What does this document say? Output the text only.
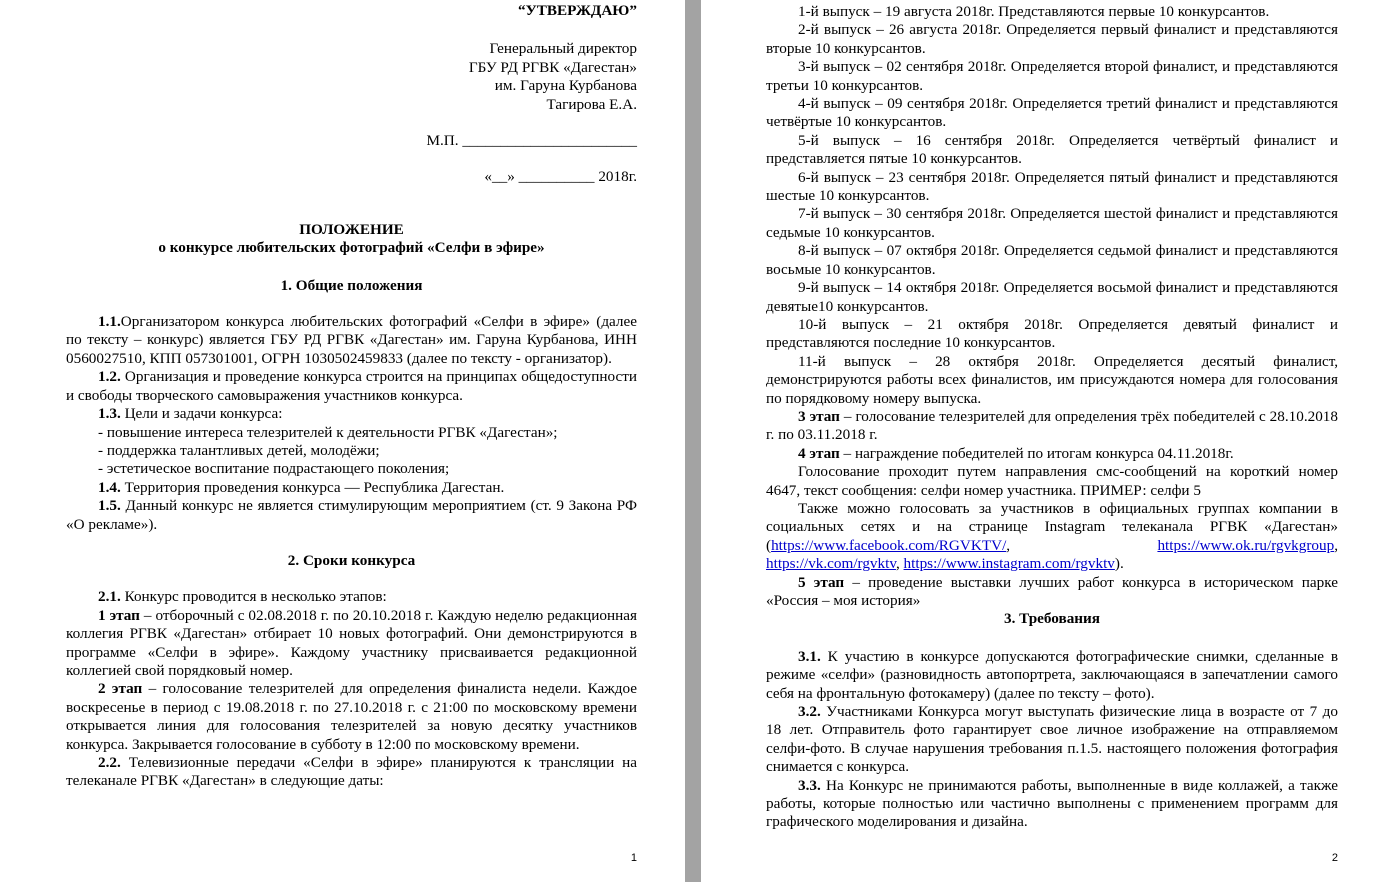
“УТВЕРЖДАЮ”
Генеральный директор
ГБУ РД РГВК «Дагестан»
им. Гаруна Курбанова
Тагирова Е.А.
М.П. _______________________
«__» __________ 2018г.
ПОЛОЖЕНИЕ
о конкурсе любительских фотографий «Селфи в эфире»
1. Общие положения
1.1.Организатором конкурса любительских фотографий «Селфи в эфире» (далее по тексту – конкурс) является ГБУ РД РГВК «Дагестан» им. Гаруна Курбанова, ИНН 0560027510, КПП 057301001, ОГРН 1030502459833 (далее по тексту - организатор).
1.2. Организация и проведение конкурса строится на принципах общедоступности и свободы творческого самовыражения участников конкурса.
1.3. Цели и задачи конкурса:
- повышение интереса телезрителей к деятельности РГВК «Дагестан»;
- поддержка талантливых детей, молодёжи;
- эстетическое воспитание подрастающего поколения;
1.4. Территория проведения конкурса — Республика Дагестан.
1.5. Данный конкурс не является стимулирующим мероприятием (ст. 9 Закона РФ «О рекламе»).
2. Сроки конкурса
2.1. Конкурс проводится в несколько этапов:
1 этап – отборочный с 02.08.2018 г. по 20.10.2018 г. Каждую неделю редакционная коллегия РГВК «Дагестан» отбирает 10 новых фотографий. Они демонстрируются в программе «Селфи в эфире». Каждому участнику присваивается редакционной коллегией свой порядковый номер.
2 этап – голосование телезрителей для определения финалиста недели. Каждое воскресенье в период с 19.08.2018 г. по 27.10.2018 г. с 21:00 по московскому времени открывается линия для голосования телезрителей за новую десятку участников конкурса. Закрывается голосование в субботу в 12:00 по московскому времени.
2.2. Телевизионные передачи «Селфи в эфире» планируются к трансляции на телеканале РГВК «Дагестан» в следующие даты:
1
1-й выпуск – 19 августа 2018г. Представляются первые 10 конкурсантов.
2-й выпуск – 26 августа 2018г. Определяется первый финалист и представляются вторые 10 конкурсантов.
3-й выпуск – 02 сентября 2018г. Определяется второй финалист, и представляются третьи 10 конкурсантов.
4-й выпуск – 09 сентября 2018г. Определяется третий финалист и представляются четвёртые 10 конкурсантов.
5-й выпуск – 16 сентября 2018г. Определяется четвёртый финалист и представляется пятые 10 конкурсантов.
6-й выпуск – 23 сентября 2018г. Определяется пятый финалист и представляются шестые 10 конкурсантов.
7-й выпуск – 30 сентября 2018г. Определяется шестой финалист и представляются седьмые 10 конкурсантов.
8-й выпуск – 07 октября 2018г. Определяется седьмой финалист и представляются восьмые 10 конкурсантов.
9-й выпуск – 14 октября 2018г. Определяется восьмой финалист и представляются девятые10 конкурсантов.
10-й выпуск – 21 октября 2018г. Определяется девятый финалист и представляются последние 10 конкурсантов.
11-й выпуск – 28 октября 2018г. Определяется десятый финалист, демонстрируются работы всех финалистов, им присуждаются номера для голосования по порядковому номеру выпуска.
3 этап – голосование телезрителей для определения трёх победителей с 28.10.2018 г. по 03.11.2018 г.
4 этап – награждение победителей по итогам конкурса 04.11.2018г.
Голосование проходит путем направления смс-сообщений на короткий номер 4647, текст сообщения: селфи номер участника. ПРИМЕР: селфи 5
Также можно голосовать за участников в официальных группах компании в социальных сетях и на странице Instagram телеканала РГВК «Дагестан» (https://www.facebook.com/RGVKTV/,                            https://www.ok.ru/rgvkgroup, https://vk.com/rgvktv, https://www.instagram.com/rgvktv).
5 этап – проведение выставки лучших работ конкурса в историческом парке «Россия – моя история»
3. Требования
3.1. К участию в конкурсе допускаются фотографические снимки, сделанные в режиме «селфи» (разновидность автопортрета, заключающаяся в запечатлении самого себя на фронтальную фотокамеру) (далее по тексту – фото).
3.2. Участниками Конкурса могут выступать физические лица в возрасте от 7 до 18 лет. Отправитель фото гарантирует свое личное изображение на отправляемом селфи-фото. В случае нарушения требования п.1.5. настоящего положения фотография снимается с конкурса.
3.3. На Конкурс не принимаются работы, выполненные в виде коллажей, а также работы, которые полностью или частично выполнены с применением программ для графического моделирования и дизайна.
2
